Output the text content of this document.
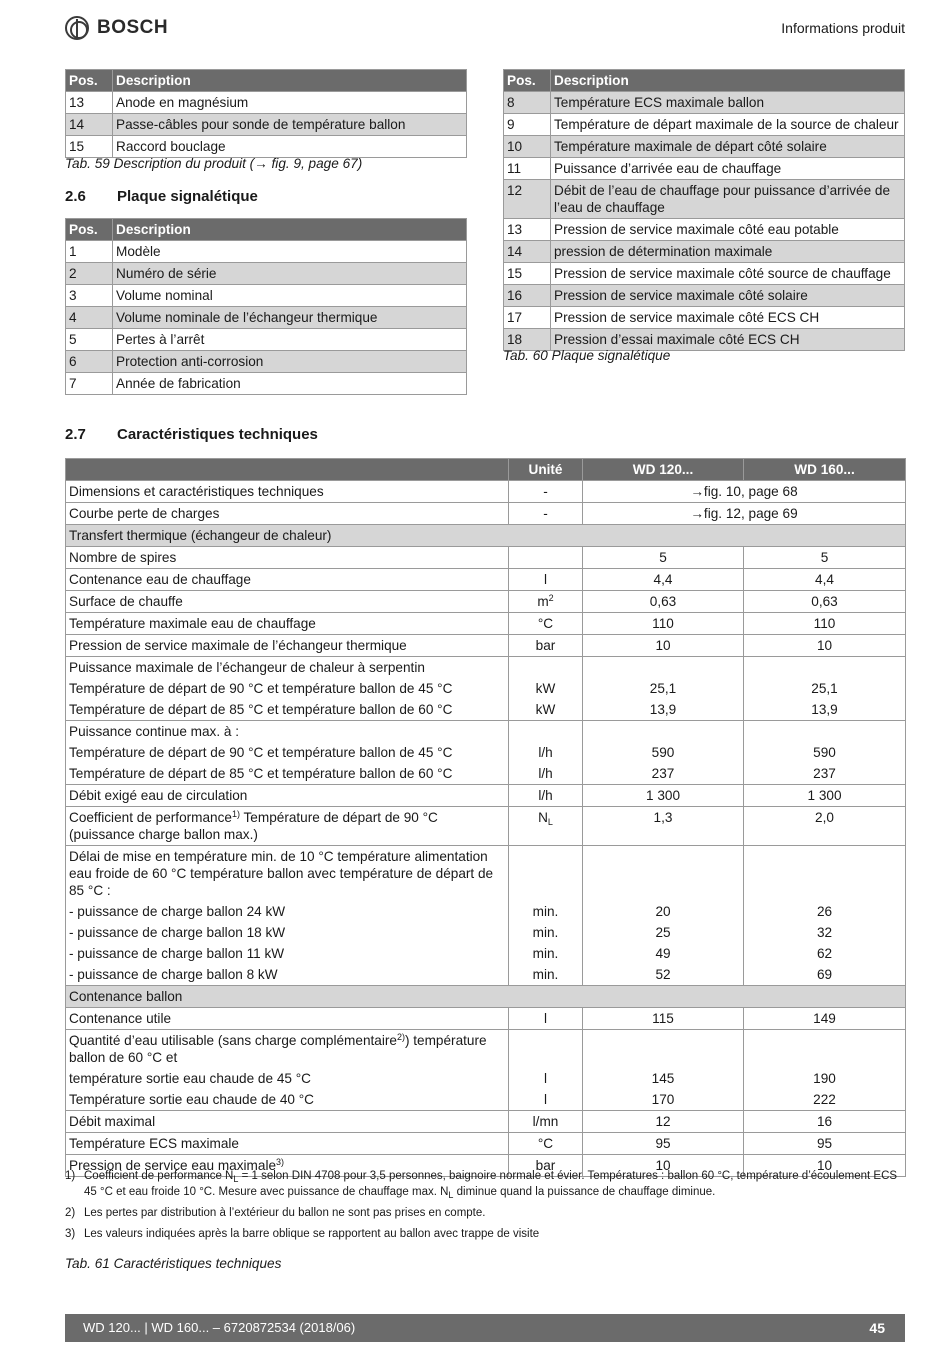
BOSCH	Informations produit
Pos.	Description
13	Anode en magnésium
14	Passe-câbles pour sonde de température ballon
15	Raccord bouclage
Tab. 59 Description du produit (→ fig. 9, page 67)
2.6 Plaque signalétique
Pos.	Description
1	Modèle
2	Numéro de série
3	Volume nominal
4	Volume nominale de l’échangeur thermique
5	Pertes à l’arrêt
6	Protection anti-corrosion
7	Année de fabrication
Pos.	Description
8	Température ECS maximale ballon
9	Température de départ maximale de la source de chaleur
10	Température maximale de départ côté solaire
11	Puissance d’arrivée eau de chauffage
12	Débit de l’eau de chauffage pour puissance d’arrivée de l’eau de chauffage
13	Pression de service maximale côté eau potable
14	pression de détermination maximale
15	Pression de service maximale côté source de chauffage
16	Pression de service maximale côté solaire
17	Pression de service maximale côté ECS CH
18	Pression d’essai maximale côté ECS CH
Tab. 60 Plaque signalétique
2.7 Caractéristiques techniques
	Unité	WD 120...	WD 160...
Dimensions et caractéristiques techniques	-	→fig. 10, page 68	
Courbe perte de charges	-	→fig. 12, page 69	
Transfert thermique (échangeur de chaleur)			
Nombre de spires		5	5
Contenance eau de chauffage	l	4,4	4,4
Surface de chauffe	$m^2$	0,63	0,63
Température maximale eau de chauffage	°C	110	110
Pression de service maximale de l’échangeur thermique	bar	10	10
Puissance maximale de l’échangeur de chaleur à serpentin			
Température de départ de 90 °C et température ballon de 45 °C	kW	25,1	25,1
Température de départ de 85 °C et température ballon de 60 °C	kW	13,9	13,9
Puissance continue max. à :			
Température de départ de 90 °C et température ballon de 45 °C	l/h	590	590
Température de départ de 85 °C et température ballon de 60 °C	l/h	237	237
Débit exigé eau de circulation	l/h	1 300	1 300
Coefficient de performance$^{1)}$ Température de départ de 90 °C (puissance charge ballon max.)	$N_L$	1,3	2,0
Délai de mise en température min. de 10 °C température alimentation eau froide de 60 °C température ballon avec température de départ de 85 °C :			
- puissance de charge ballon 24 kW	min.	20	26
- puissance de charge ballon 18 kW	min.	25	32
- puissance de charge ballon 11 kW	min.	49	62
- puissance de charge ballon 8 kW	min.	52	69
Contenance ballon			
Contenance utile	l	115	149
Quantité d’eau utilisable (sans charge complémentaire$^{2)}$) température ballon de 60 °C et			
température sortie eau chaude de 45 °C	l	145	190
Température sortie eau chaude de 40 °C	l	170	222
Débit maximal	l/mn	12	16
Température ECS maximale	°C	95	95
Pression de service eau maximale$^{3)}$	bar	10	10
1) Coefficient de performance $N_L = 1$ selon DIN 4708 pour 3,5 personnes, baignoire normale et évier. Températures : ballon 60 °C, température d’écoulement ECS 45 °C et eau froide 10 °C. Mesure avec puissance de chauffage max. $N_L$ diminue quand la puissance de chauffage diminue.
2) Les pertes par distribution à l’extérieur du ballon ne sont pas prises en compte.
3) Les valeurs indiquées après la barre oblique se rapportent au ballon avec trappe de visite
Tab. 61 Caractéristiques techniques
WD 120... | WD 160... – 6720872534 (2018/06)	45
